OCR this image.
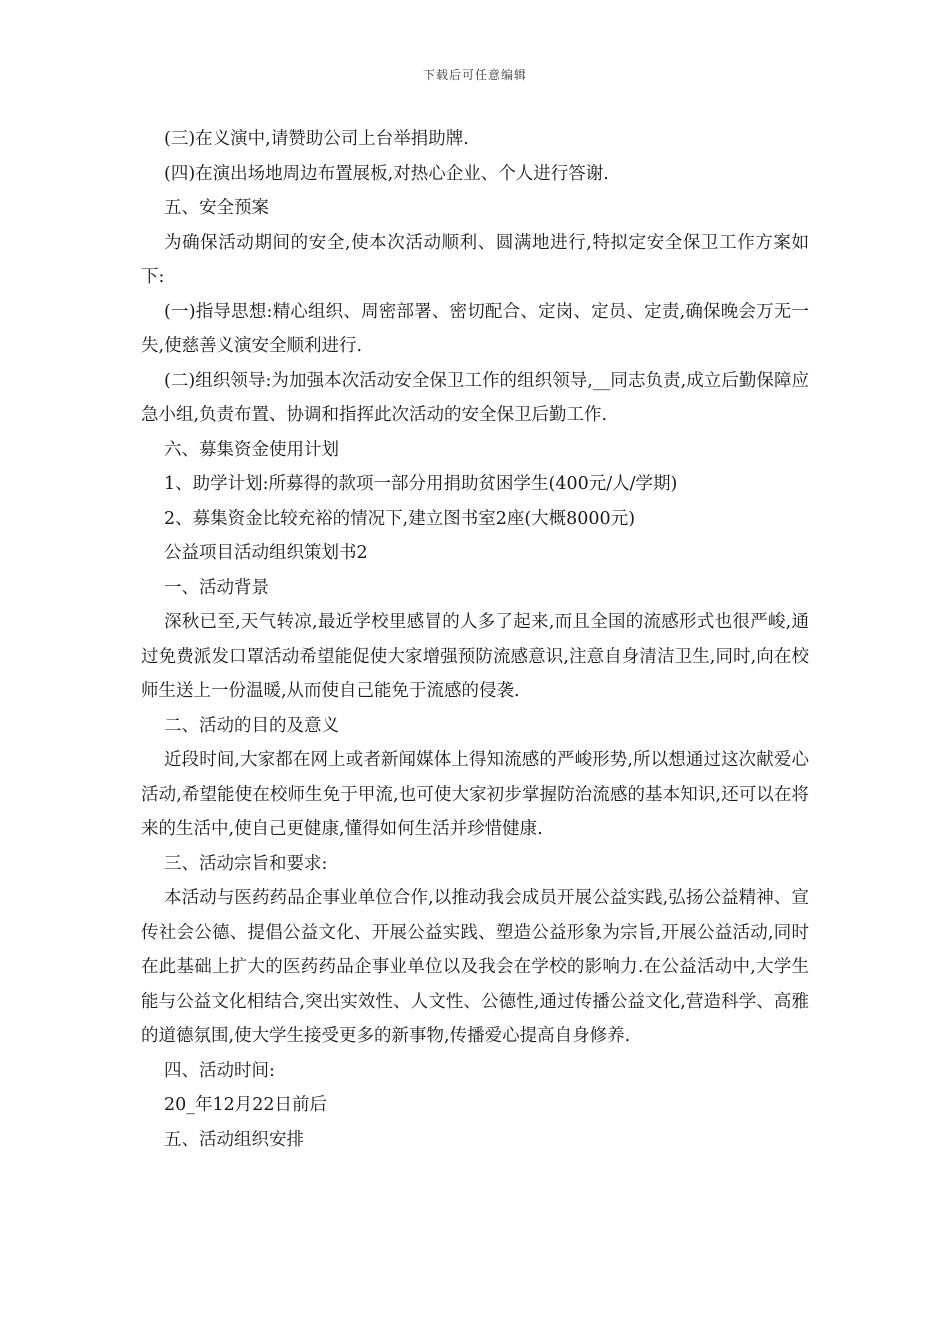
下载后可任意编辑

(三)在义演中,请赞助公司上台举捐助牌.

(四)在演出场地周边布置展板,对热心企业、个人进行答谢.

五、安全预案

为确保活动期间的安全,使本次活动顺利、圆满地进行,特拟定安全保卫工作方案如下:

(一)指导思想:精心组织、周密部署、密切配合、定岗、定员、定责,确保晚会万无一失,使慈善义演安全顺利进行.

(二)组织领导:为加强本次活动安全保卫工作的组织领导,__同志负责,成立后勤保障应急小组,负责布置、协调和指挥此次活动的安全保卫后勤工作.

六、募集资金使用计划

1、助学计划:所募得的款项一部分用捐助贫困学生(400元/人/学期)

2、募集资金比较充裕的情况下,建立图书室2座(大概8000元)

公益项目活动组织策划书2

一、活动背景

深秋已至,天气转凉,最近学校里感冒的人多了起来,而且全国的流感形式也很严峻,通过免费派发口罩活动希望能促使大家增强预防流感意识,注意自身清洁卫生,同时,向在校师生送上一份温暖,从而使自己能免于流感的侵袭.

二、活动的目的及意义

近段时间,大家都在网上或者新闻媒体上得知流感的严峻形势,所以想通过这次献爱心活动,希望能使在校师生免于甲流,也可使大家初步掌握防治流感的基本知识,还可以在将来的生活中,使自己更健康,懂得如何生活并珍惜健康.

三、活动宗旨和要求:

本活动与医药药品企事业单位合作,以推动我会成员开展公益实践,弘扬公益精神、宣传社会公德、提倡公益文化、开展公益实践、塑造公益形象为宗旨,开展公益活动,同时在此基础上扩大的医药药品企事业单位以及我会在学校的影响力.在公益活动中,大学生能与公益文化相结合,突出实效性、人文性、公德性,通过传播公益文化,营造科学、高雅的道德氛围,使大学生接受更多的新事物,传播爱心提高自身修养.

四、活动时间:

20_年12月22日前后

五、活动组织安排
